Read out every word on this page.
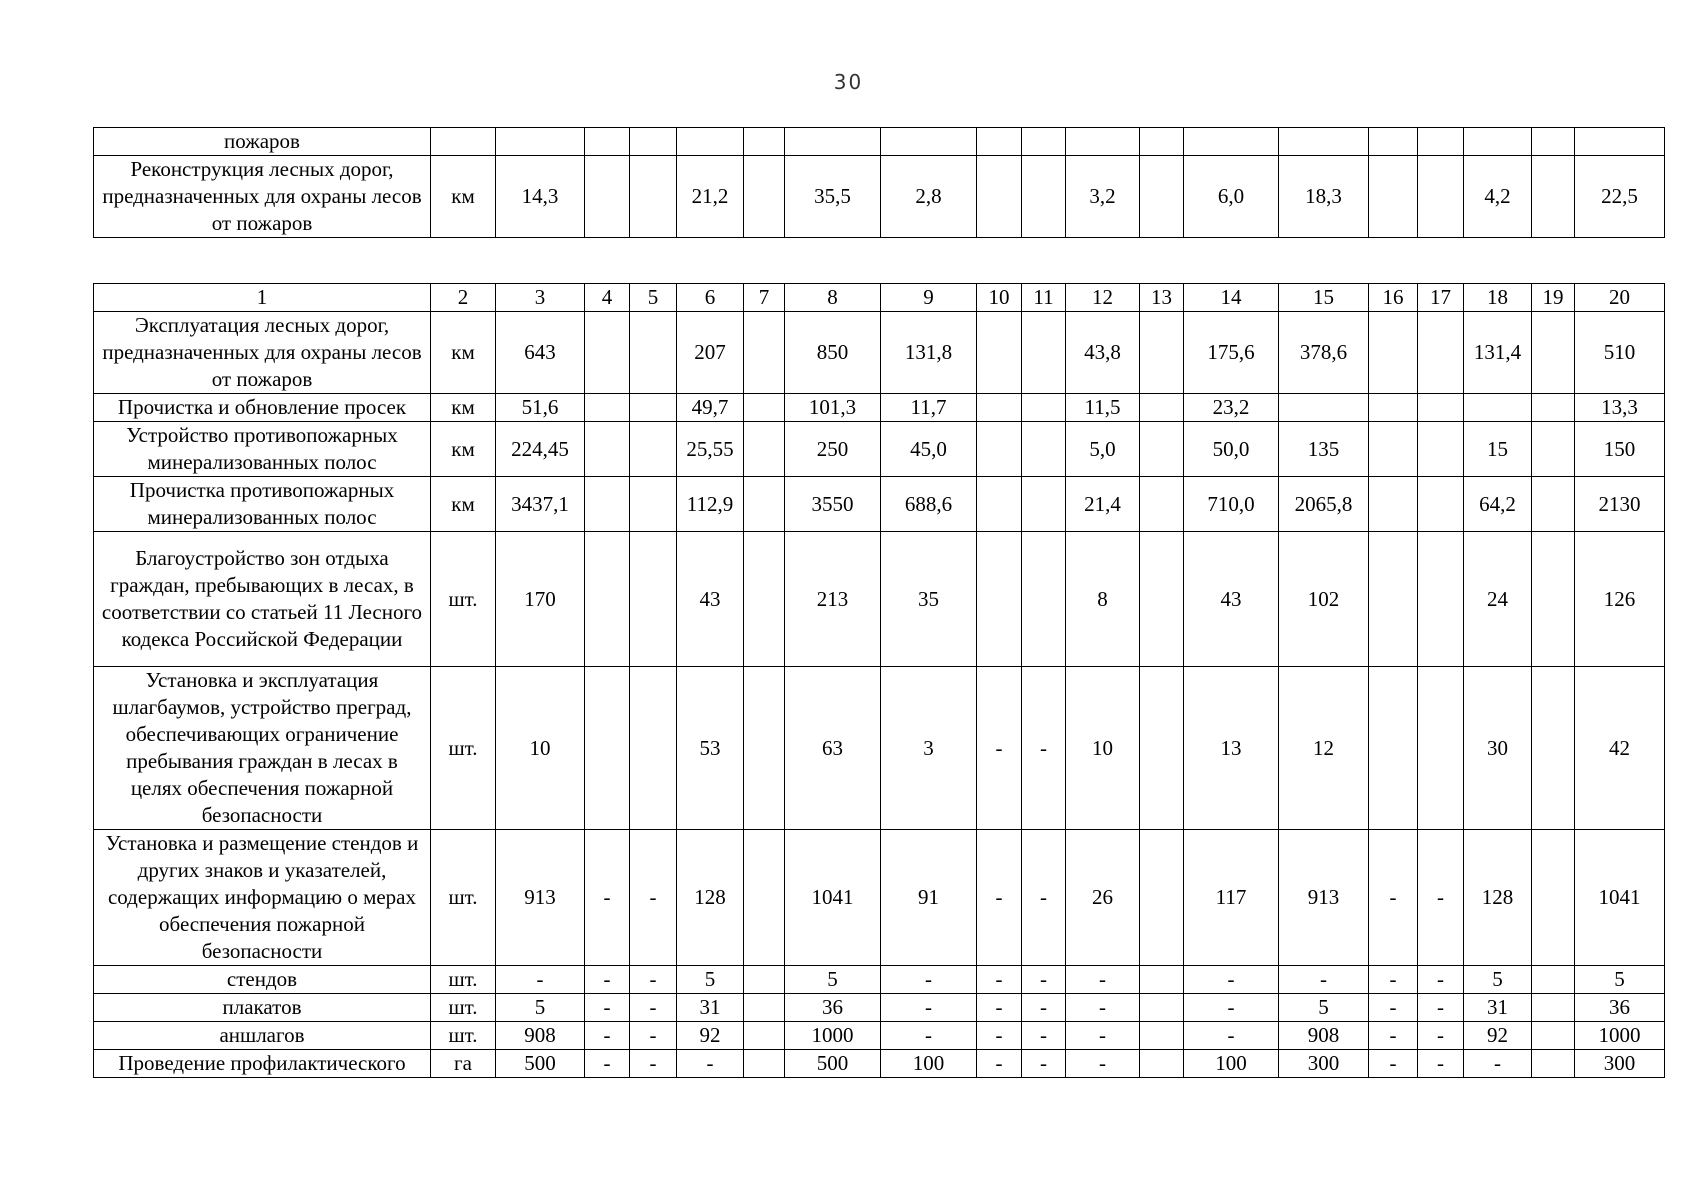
30
пожаров																			
Реконструкция лесных дорог, предназначенных для охраны лесов от пожаров	км	14,3			21,2		35,5	2,8			3,2		6,0	18,3			4,2		22,5
1	2	3	4	5	6	7	8	9	10	11	12	13	14	15	16	17	18	19	20
Эксплуатация лесных дорог, предназначенных для охраны лесов от пожаров	км	643			207		850	131,8			43,8		175,6	378,6			131,4		510
Прочистка и обновление просек	км	51,6			49,7		101,3	11,7			11,5		23,2						13,3
Устройство противопожарных минерализованных полос	км	224,45			25,55		250	45,0			5,0		50,0	135			15		150
Прочистка противопожарных минерализованных полос	км	3437,1			112,9		3550	688,6			21,4		710,0	2065,8			64,2		2130
Благоустройство зон отдыха граждан, пребывающих в лесах, в соответствии со статьей 11 Лесного кодекса Российской Федерации	шт.	170			43		213	35			8		43	102			24		126
Установка и эксплуатация шлагбаумов, устройство преград, обеспечивающих ограничение пребывания граждан в лесах в целях обеспечения пожарной безопасности	шт.	10			53		63	3	-	-	10		13	12			30		42
Установка и размещение стендов и других знаков и указателей, содержащих информацию о мерах обеспечения пожарной безопасности	шт.	913	-	-	128		1041	91	-	-	26		117	913	-	-	128		1041
стендов	шт.	-	-	-	5		5	-	-	-	-		-	-	-	-	5		5
плакатов	шт.	5	-	-	31		36	-	-	-	-		-	5	-	-	31		36
аншлагов	шт.	908	-	-	92		1000	-	-	-	-		-	908	-	-	92		1000
Проведение профилактического	га	500	-	-	-		500	100	-	-	-		100	300	-	-	-		300
